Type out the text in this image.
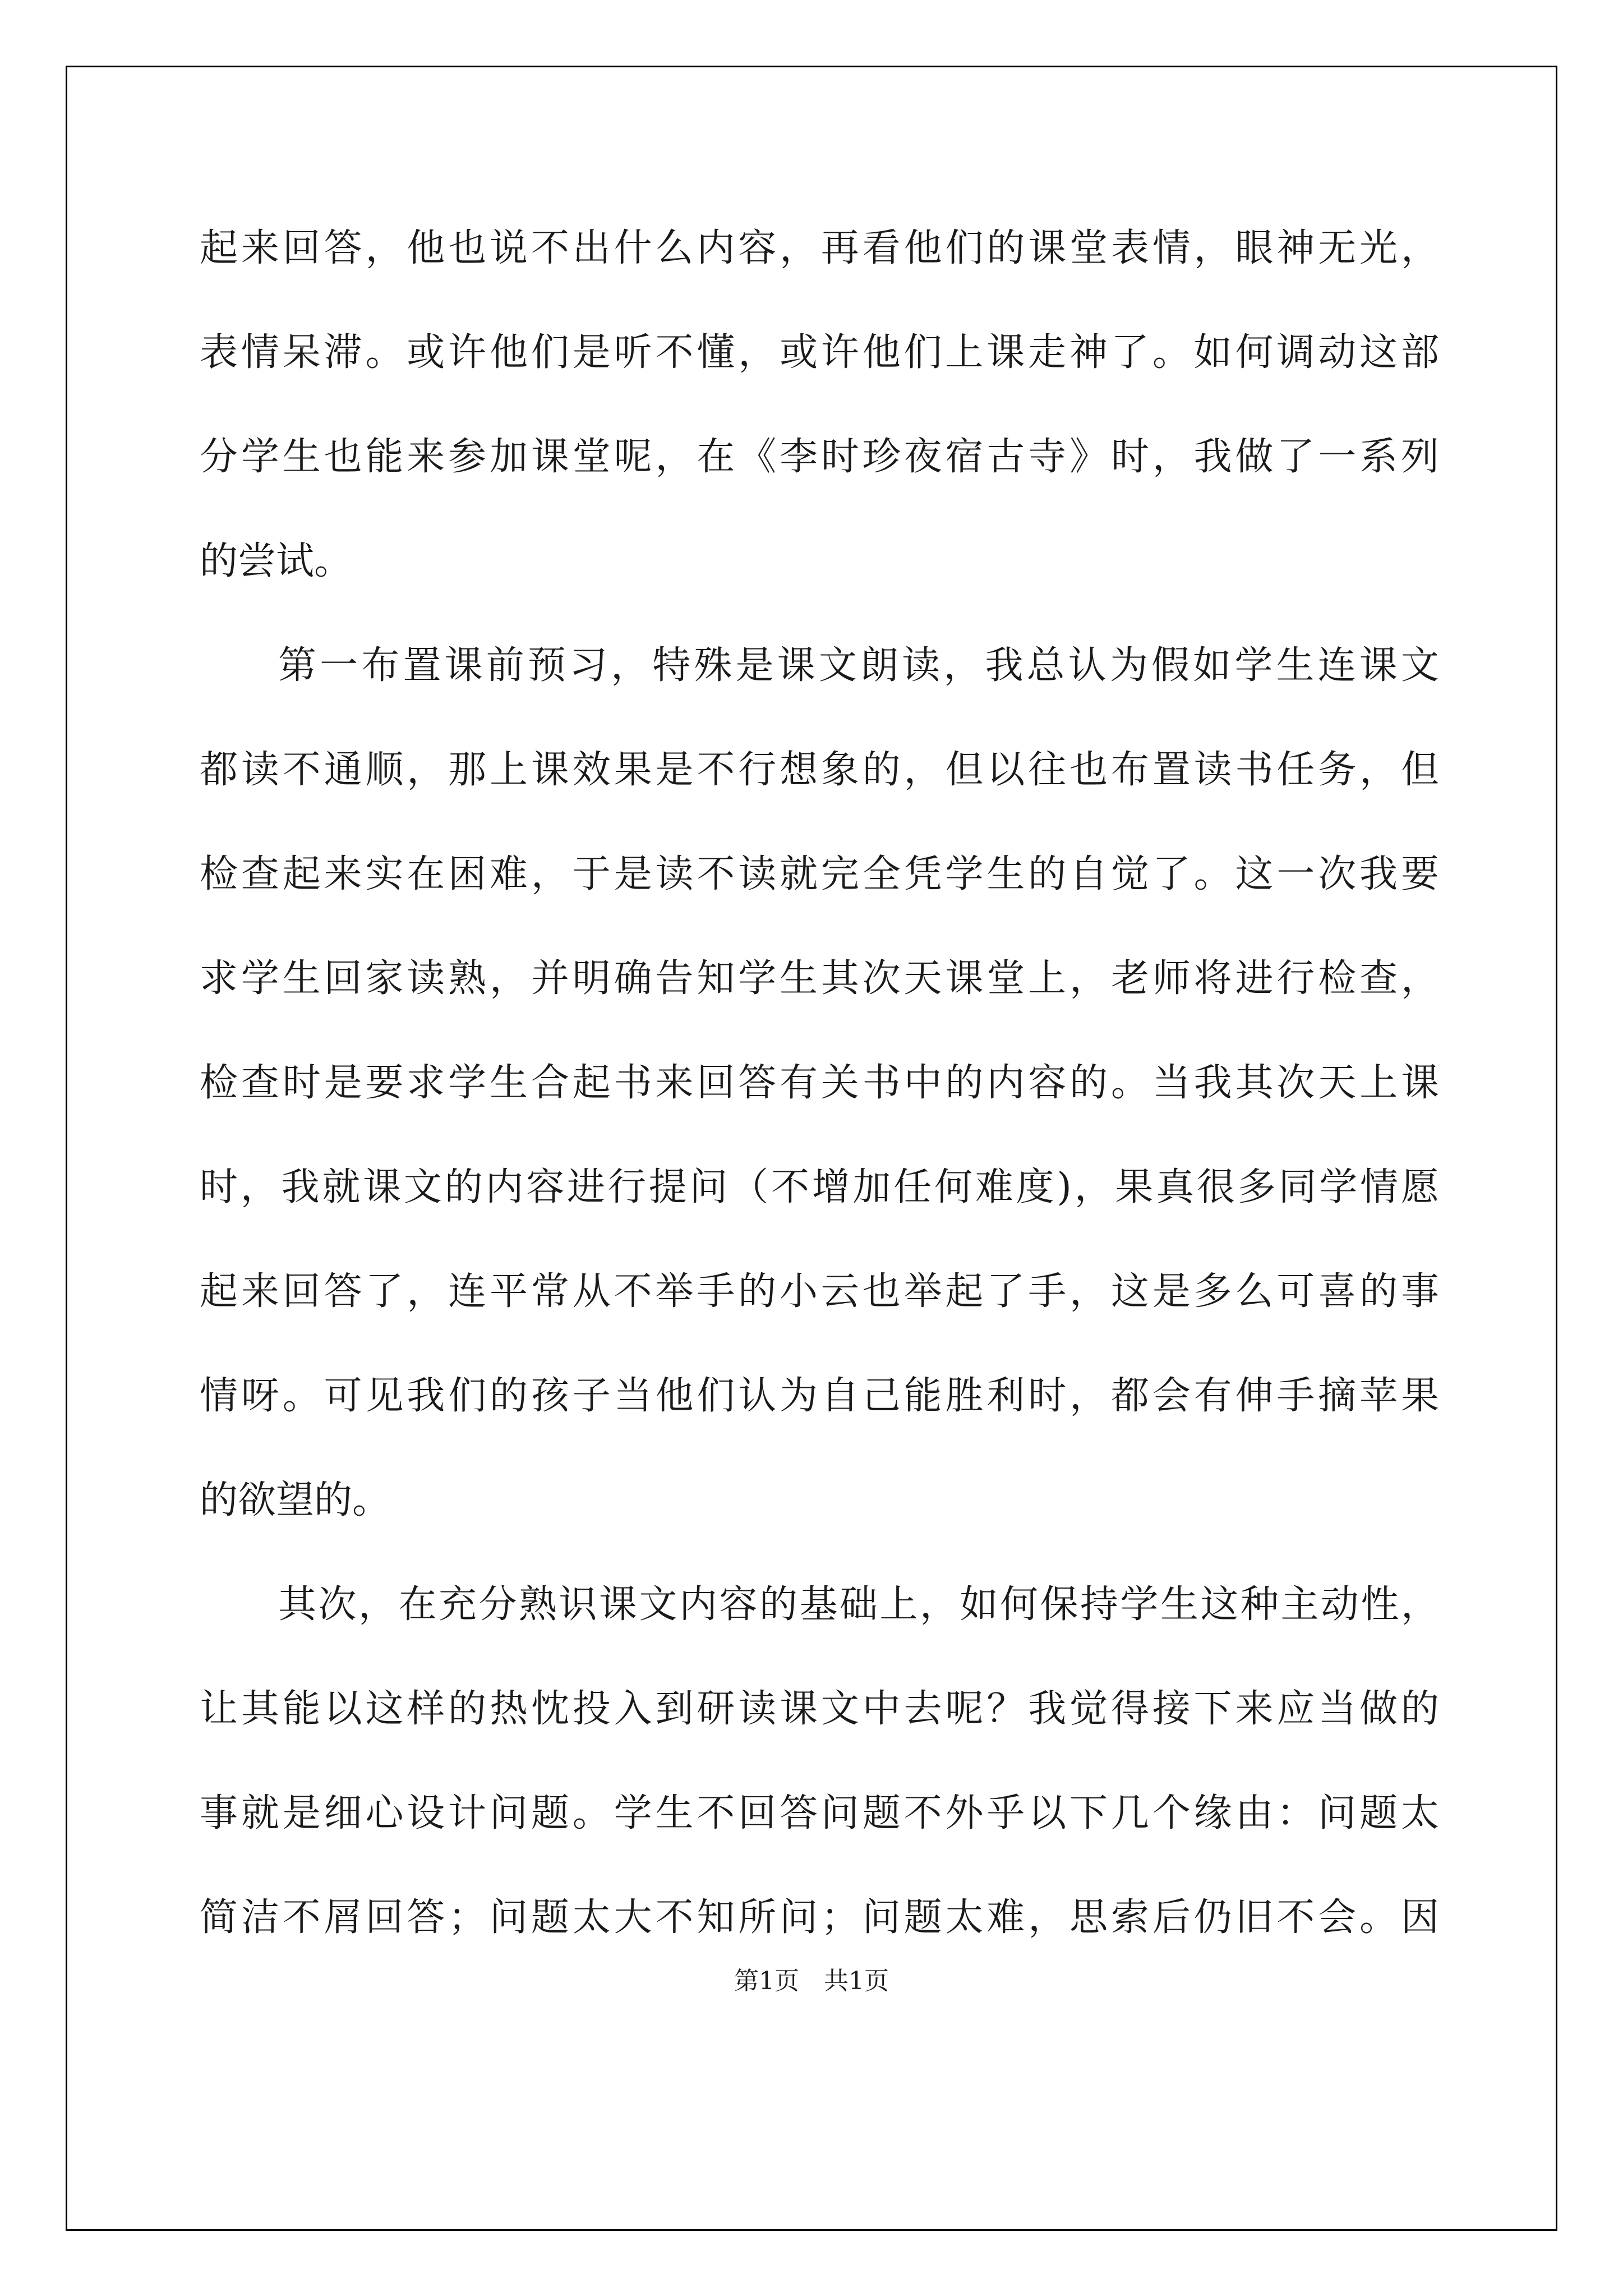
起来回答，他也说不出什么内容，再看他们的课堂表情，眼神无光，
表情呆滞。或许他们是听不懂，或许他们上课走神了。如何调动这部
分学生也能来参加课堂呢，在《李时珍夜宿古寺》时，我做了一系列
的尝试。
第一布置课前预习，特殊是课文朗读，我总认为假如学生连课文
都读不通顺，那上课效果是不行想象的，但以往也布置读书任务，但
检查起来实在困难，于是读不读就完全凭学生的自觉了。这一次我要
求学生回家读熟，并明确告知学生其次天课堂上，老师将进行检查，
检查时是要求学生合起书来回答有关书中的内容的。当我其次天上课
时，我就课文的内容进行提问（不增加任何难度)，果真很多同学情愿
起来回答了，连平常从不举手的小云也举起了手，这是多么可喜的事
情呀。可见我们的孩子当他们认为自己能胜利时，都会有伸手摘苹果
的欲望的。
其次，在充分熟识课文内容的基础上，如何保持学生这种主动性，
让其能以这样的热忱投入到研读课文中去呢？我觉得接下来应当做的
事就是细心设计问题。学生不回答问题不外乎以下几个缘由：问题太
简洁不屑回答；问题太大不知所问；问题太难，思索后仍旧不会。因
第1页 共1页
